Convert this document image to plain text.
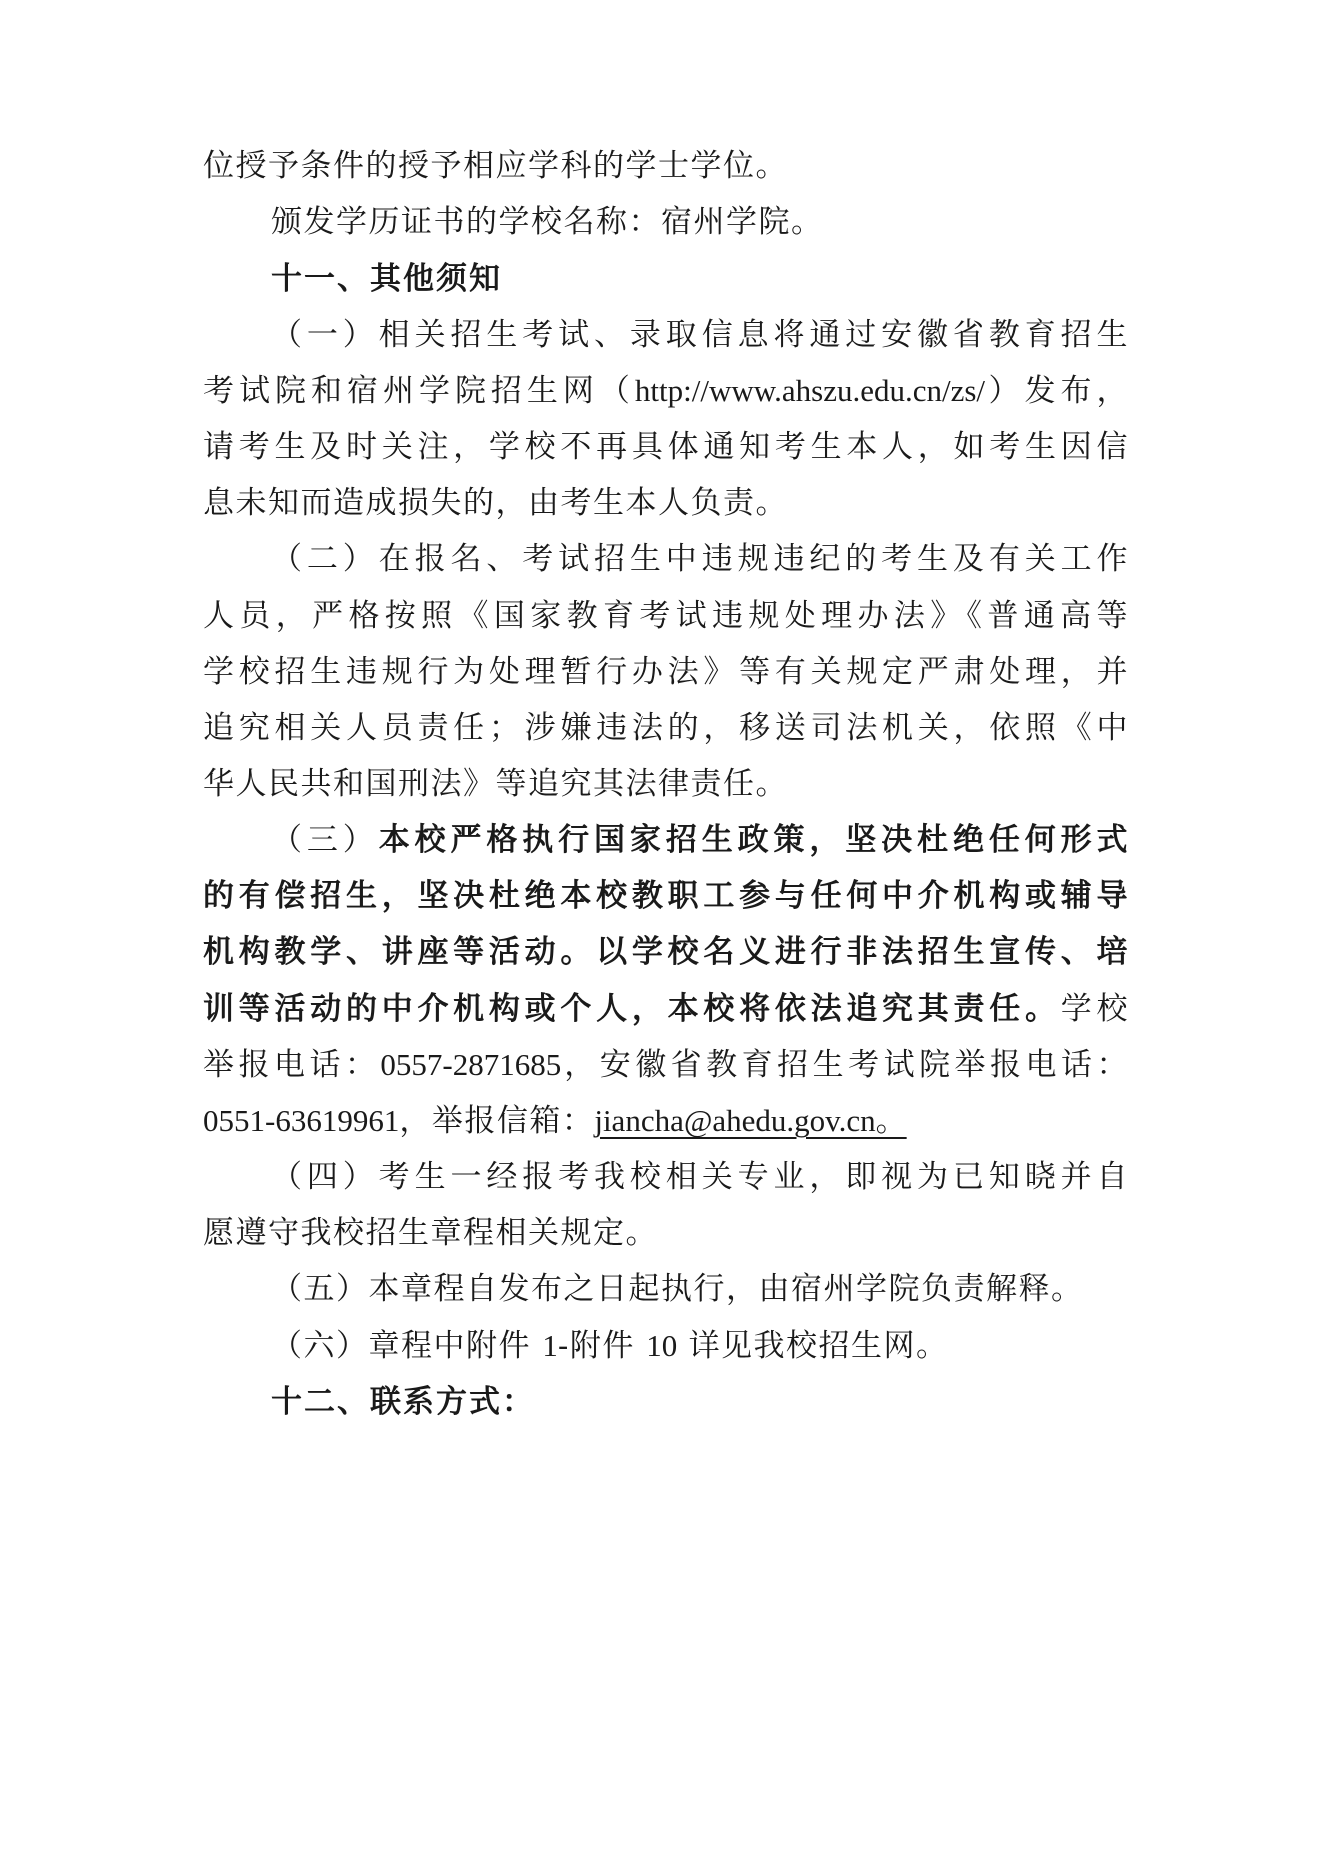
位授予条件的授予相应学科的学士学位。
颁发学历证书的学校名称：宿州学院。
十一、其他须知
（一）相关招生考试、录取信息将通过安徽省教育招生
考试院和宿州学院招生网（http://www.ahszu.edu.cn/zs/）发布，
请考生及时关注，学校不再具体通知考生本人，如考生因信
息未知而造成损失的，由考生本人负责。
（二）在报名、考试招生中违规违纪的考生及有关工作
人员，严格按照《国家教育考试违规处理办法》《普通高等
学校招生违规行为处理暂行办法》等有关规定严肃处理，并
追究相关人员责任；涉嫌违法的，移送司法机关，依照《中
华人民共和国刑法》等追究其法律责任。
（三）本校严格执行国家招生政策，坚决杜绝任何形式
的有偿招生，坚决杜绝本校教职工参与任何中介机构或辅导
机构教学、讲座等活动。以学校名义进行非法招生宣传、培
训等活动的中介机构或个人，本校将依法追究其责任。学校
举报电话：0557-2871685，安徽省教育招生考试院举报电话：
0551-63619961，举报信箱：jiancha@ahedu.gov.cn。
（四）考生一经报考我校相关专业，即视为已知晓并自
愿遵守我校招生章程相关规定。
（五）本章程自发布之日起执行，由宿州学院负责解释。
（六）章程中附件 1-附件 10 详见我校招生网。
十二、联系方式：
